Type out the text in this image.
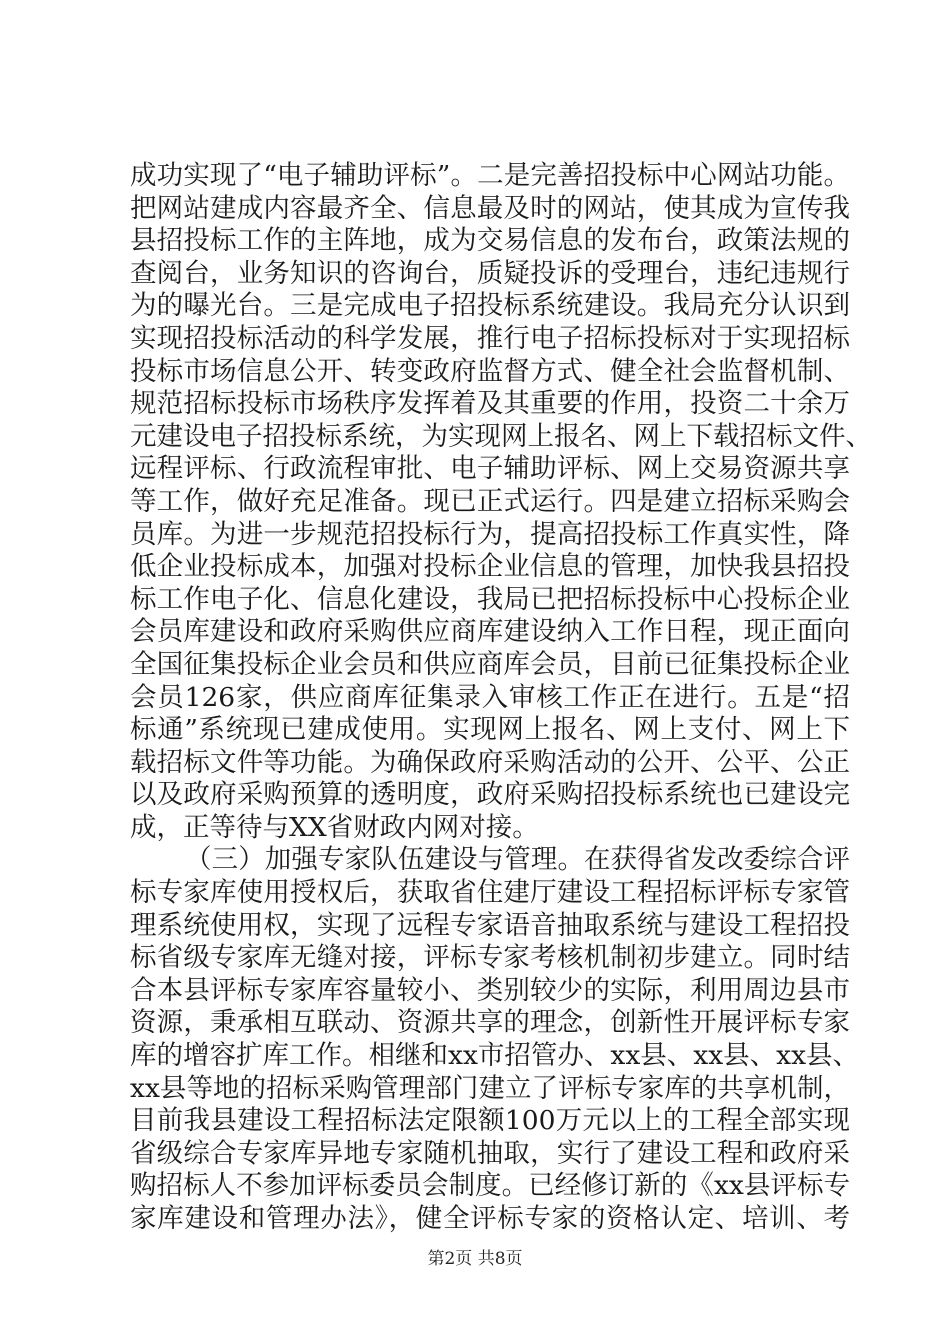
成功实现了“电子辅助评标”。二是完善招投标中心网站功能。
把网站建成内容最齐全、信息最及时的网站，使其成为宣传我
县招投标工作的主阵地，成为交易信息的发布台，政策法规的
查阅台，业务知识的咨询台，质疑投诉的受理台，违纪违规行
为的曝光台。三是完成电子招投标系统建设。我局充分认识到
实现招投标活动的科学发展，推行电子招标投标对于实现招标
投标市场信息公开、转变政府监督方式、健全社会监督机制、
规范招标投标市场秩序发挥着及其重要的作用，投资二十余万
元建设电子招投标系统，为实现网上报名、网上下载招标文件、
远程评标、行政流程审批、电子辅助评标、网上交易资源共享
等工作，做好充足准备。现已正式运行。四是建立招标采购会
员库。为进一步规范招投标行为，提高招投标工作真实性，降
低企业投标成本，加强对投标企业信息的管理，加快我县招投
标工作电子化、信息化建设，我局已把招标投标中心投标企业
会员库建设和政府采购供应商库建设纳入工作日程，现正面向
全国征集投标企业会员和供应商库会员，目前已征集投标企业
会员126家，供应商库征集录入审核工作正在进行。五是“招
标通”系统现已建成使用。实现网上报名、网上支付、网上下
载招标文件等功能。为确保政府采购活动的公开、公平、公正
以及政府采购预算的透明度，政府采购招投标系统也已建设完
成，正等待与XX省财政内网对接。
（三）加强专家队伍建设与管理。在获得省发改委综合评
标专家库使用授权后，获取省住建厅建设工程招标评标专家管
理系统使用权，实现了远程专家语音抽取系统与建设工程招投
标省级专家库无缝对接，评标专家考核机制初步建立。同时结
合本县评标专家库容量较小、类别较少的实际，利用周边县市
资源，秉承相互联动、资源共享的理念，创新性开展评标专家
库的增容扩库工作。相继和xx市招管办、xx县、xx县、xx县、
xx县等地的招标采购管理部门建立了评标专家库的共享机制，
目前我县建设工程招标法定限额100万元以上的工程全部实现
省级综合专家库异地专家随机抽取，实行了建设工程和政府采
购招标人不参加评标委员会制度。已经修订新的《xx县评标专
家库建设和管理办法》，健全评标专家的资格认定、培训、考
第2页 共8页
